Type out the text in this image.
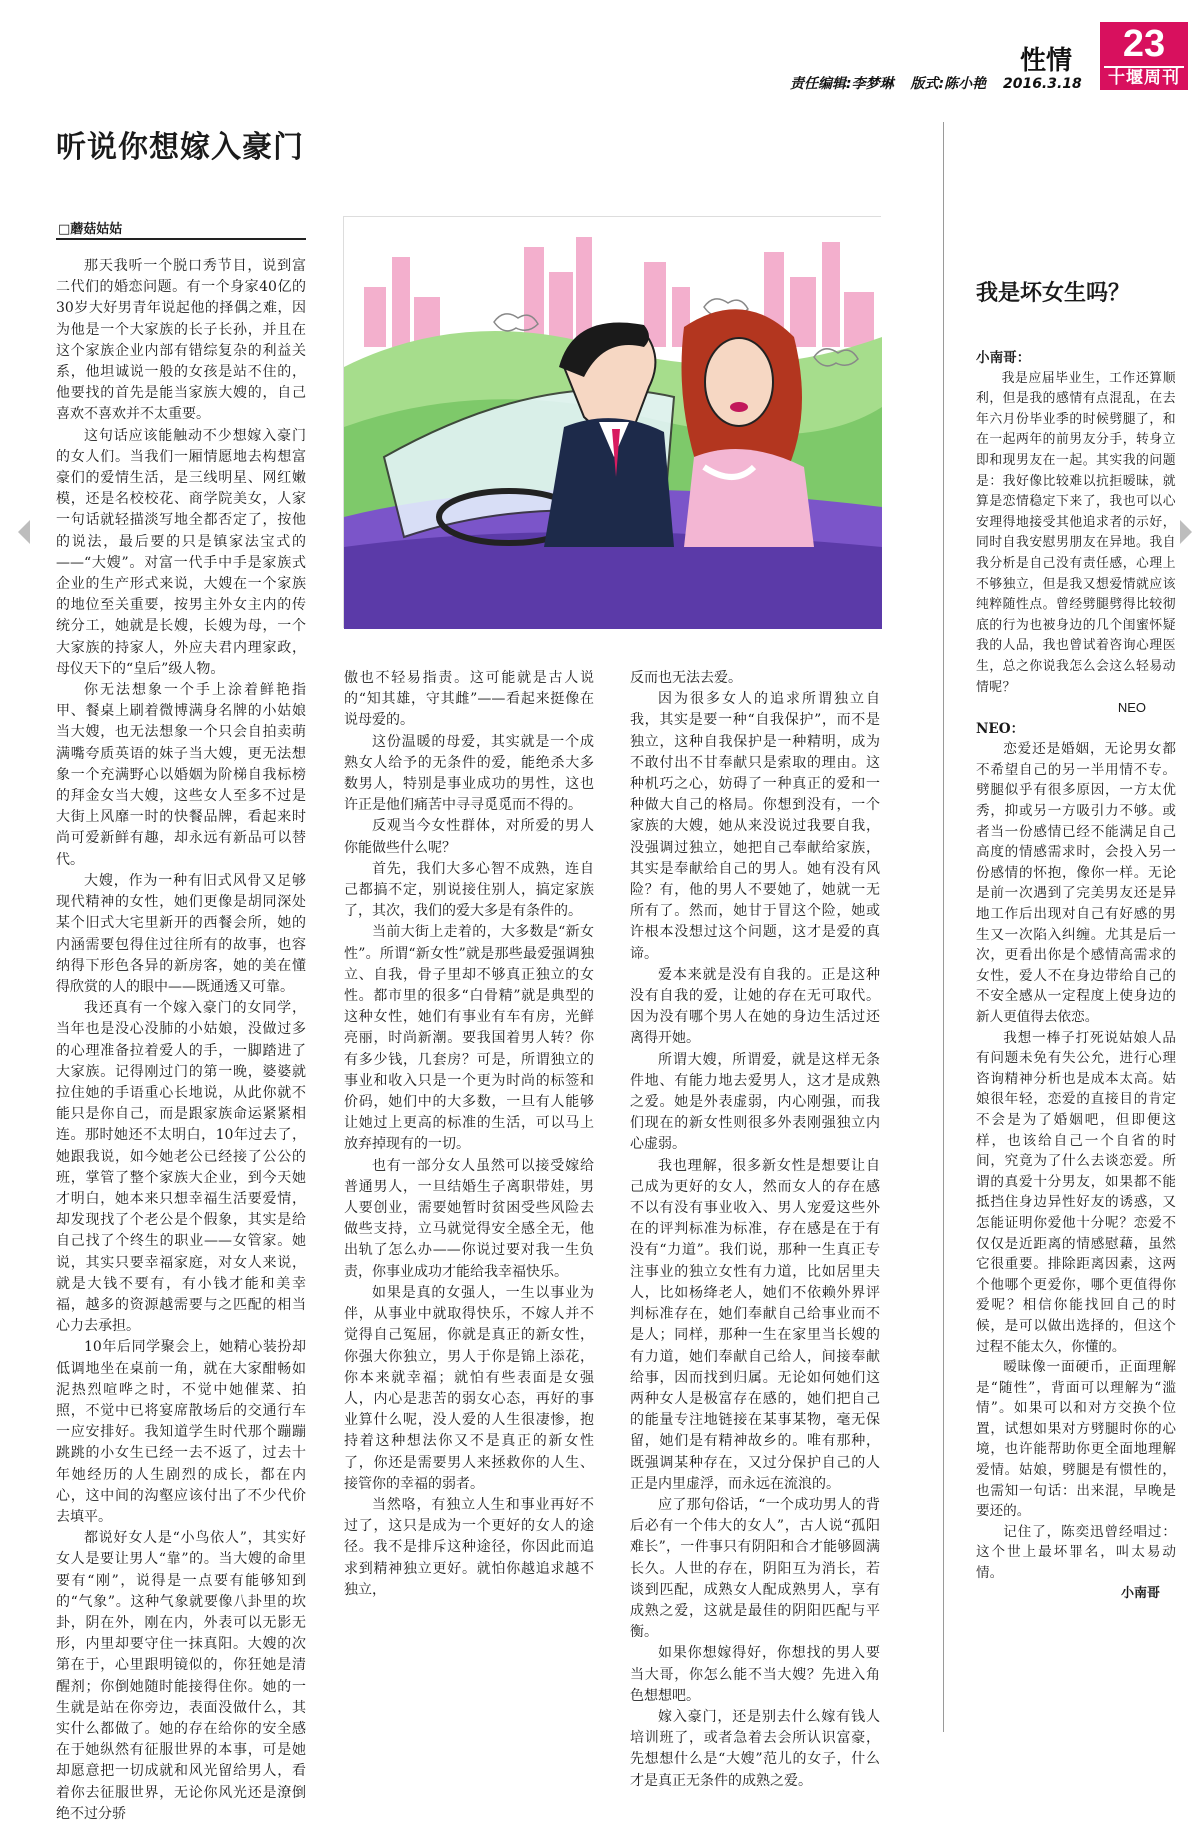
性情	23
十堰周刊
责任编辑:李梦琳 版式:陈小艳 2016.3.18
听说你想嫁入豪门
□蘑菇姑姑

那天我听一个脱口秀节目，说到富二代们的婚恋问题。有一个身家40亿的30岁大好男青年说起他的择偶之难，因为他是一个大家族的长子长孙，并且在这个家族企业内部有错综复杂的利益关系，他坦诚说一般的女孩是站不住的，他要找的首先是能当家族大嫂的，自己喜欢不喜欢并不太重要。

这句话应该能触动不少想嫁入豪门的女人们。当我们一厢情愿地去构想富豪们的爱情生活，是三线明星、网红嫩模，还是名校校花、商学院美女，人家一句话就轻描淡写地全都否定了，按他的说法，最后要的只是镇家法宝式的——“大嫂”。对富一代手中手是家族式企业的生产形式来说，大嫂在一个家族的地位至关重要，按男主外女主内的传统分工，她就是长嫂，长嫂为母，一个大家族的持家人，外应夫君内理家政，母仪天下的“皇后”级人物。

你无法想象一个手上涂着鲜艳指甲、餐桌上刷着微博满身名牌的小姑娘当大嫂，也无法想象一个只会自拍卖萌满嘴夸质英语的妹子当大嫂，更无法想象一个充满野心以婚姻为阶梯自我标榜的拜金女当大嫂，这些女人至多不过是大街上风靡一时的快餐品牌，看起来时尚可爱新鲜有趣，却永远有新品可以替代。

大嫂，作为一种有旧式风骨又足够现代精神的女性，她们更像是胡同深处某个旧式大宅里新开的西餐会所，她的内涵需要包得住过往所有的故事，也容纳得下形色各异的新房客，她的美在懂得欣赏的人的眼中——既通透又可靠。

我还真有一个嫁入豪门的女同学，当年也是没心没肺的小姑娘，没做过多的心理准备拉着爱人的手，一脚踏进了大家族。记得刚过门的第一晚，婆婆就拉住她的手语重心长地说，从此你就不能只是你自己，而是跟家族命运紧紧相连。那时她还不太明白，10年过去了，她跟我说，如今她老公已经接了公公的班，掌管了整个家族大企业，到今天她才明白，她本来只想幸福生活要爱情，却发现找了个老公是个假象，其实是给自己找了个终生的职业——女管家。她说，其实只要幸福家庭，对女人来说，就是大钱不要有，有小钱才能和美幸福，越多的资源越需要与之匹配的相当心力去承担。

10年后同学聚会上，她精心装扮却低调地坐在桌前一角，就在大家酣畅如泥热烈喧哗之时，不觉中她催菜、拍照，不觉中已将宴席散场后的交通行车一应安排好。我知道学生时代那个蹦蹦跳跳的小女生已经一去不返了，过去十年她经历的人生剧烈的成长，都在内心，这中间的沟壑应该付出了不少代价去填平。

都说好女人是“小鸟依人”，其实好女人是要让男人“靠”的。当大嫂的命里要有“刚”，说得是一点要有能够知到的“气象”。这种气象就要像八卦里的坎卦，阴在外，刚在内，外表可以无影无形，内里却要守住一抹真阳。大嫂的次第在于，心里跟明镜似的，你狂她是清醒剂；你倒她随时能接得住你。她的一生就是站在你旁边，表面没做什么，其实什么都做了。她的存在给你的安全感在于她纵然有征服世界的本事，可是她却愿意把一切成就和风光留给男人，看着你去征服世界，无论你风光还是潦倒绝不过分骄

傲也不轻易指责。这可能就是古人说的“知其雄，守其雌”——看起来挺像在说母爱的。

这份温暖的母爱，其实就是一个成熟女人给予的无条件的爱，能绝杀大多数男人，特别是事业成功的男性，这也许正是他们痛苦中寻寻觅觅而不得的。

反观当今女性群体，对所爱的男人你能做些什么呢？

首先，我们大多心智不成熟，连自己都搞不定，别说接住别人，搞定家族了，其次，我们的爱大多是有条件的。

当前大街上走着的，大多数是“新女性”。所谓“新女性”就是那些最爱强调独立、自我，骨子里却不够真正独立的女性。都市里的很多“白骨精”就是典型的这种女性，她们有事业有车有房，光鲜亮丽，时尚新潮。要我国着男人转？你有多少钱，几套房？可是，所谓独立的事业和收入只是一个更为时尚的标签和价码，她们中的大多数，一旦有人能够让她过上更高的标准的生活，可以马上放弃掉现有的一切。

也有一部分女人虽然可以接受嫁给普通男人，一旦结婚生子离职带娃，男人要创业，需要她暂时贫困受些风险去做些支持，立马就觉得安全感全无，他出轨了怎么办——你说过要对我一生负责，你事业成功才能给我幸福快乐。

如果是真的女强人，一生以事业为伴，从事业中就取得快乐，不嫁人并不觉得自己冤屈，你就是真正的新女性，你强大你独立，男人于你是锦上添花，你本来就幸福；就怕有些表面是女强人，内心是悲苦的弱女心态，再好的事业算什么呢，没人爱的人生很凄惨，抱持着这种想法你又不是真正的新女性了，你还是需要男人来拯救你的人生、接管你的幸福的弱者。

当然咯，有独立人生和事业再好不过了，这只是成为一个更好的女人的途径。我不是排斥这种途径，你因此而追求到精神独立更好。就怕你越追求越不独立，

反而也无法去爱。

因为很多女人的追求所谓独立自我，其实是要一种“自我保护”，而不是独立，这种自我保护是一种精明，成为不敢付出不甘奉献只是索取的理由。这种机巧之心，妨碍了一种真正的爱和一种做大自己的格局。你想到没有，一个家族的大嫂，她从来没说过我要自我，没强调过独立，她把自己奉献给家族，其实是奉献给自己的男人。她有没有风险？有，他的男人不要她了，她就一无所有了。然而，她甘于冒这个险，她或许根本没想过这个问题，这才是爱的真谛。

爱本来就是没有自我的。正是这种没有自我的爱，让她的存在无可取代。因为没有哪个男人在她的身边生活过还离得开她。

所谓大嫂，所谓爱，就是这样无条件地、有能力地去爱男人，这才是成熟之爱。她是外表虚弱，内心刚强，而我们现在的新女性则很多外表刚强独立内心虚弱。

我也理解，很多新女性是想要让自己成为更好的女人，然而女人的存在感不以有没有事业收入、男人宠爱这些外在的评判标准为标准，存在感是在于有没有“力道”。我们说，那种一生真正专注事业的独立女性有力道，比如居里夫人，比如杨绛老人，她们不依赖外界评判标准存在，她们奉献自己给事业而不是人；同样，那种一生在家里当长嫂的有力道，她们奉献自己给人，间接奉献给事，因而找到归属。无论如何她们这两种女人是极富存在感的，她们把自己的能量专注地链接在某事某物，毫无保留，她们是有精神故乡的。唯有那种，既强调某种存在，又过分保护自己的人正是内里虚浮，而永远在流浪的。

应了那句俗话，“一个成功男人的背后必有一个伟大的女人”，古人说“孤阳难长”，一件事只有阴阳和合才能够圆满长久。人世的存在，阴阳互为消长，若谈到匹配，成熟女人配成熟男人，享有成熟之爱，这就是最佳的阴阳匹配与平衡。

如果你想嫁得好，你想找的男人要当大哥，你怎么能不当大嫂？先进入角色想想吧。

嫁入豪门，还是别去什么嫁有钱人培训班了，或者急着去会所认识富豪，先想想什么是“大嫂”范儿的女子，什么才是真正无条件的成熟之爱。

我是坏女生吗？

小南哥：

我是应届毕业生，工作还算顺利，但是我的感情有点混乱，在去年六月份毕业季的时候劈腿了，和在一起两年的前男友分手，转身立即和现男友在一起。其实我的问题是：我好像比较难以抗拒暧昧，就算是恋情稳定下来了，我也可以心安理得地接受其他追求者的示好，同时自我安慰男朋友在异地。我自我分析是自己没有责任感，心理上不够独立，但是我又想爱情就应该纯粹随性点。曾经劈腿劈得比较彻底的行为也被身边的几个闺蜜怀疑我的人品，我也曾试着咨询心理医生，总之你说我怎么会这么轻易动情呢？

NEO

NEO：

恋爱还是婚姻，无论男女都不希望自己的另一半用情不专。劈腿似乎有很多原因，一方太优秀，抑或另一方吸引力不够。或者当一份感情已经不能满足自己高度的情感需求时，会投入另一份感情的怀抱，像你一样。无论是前一次遇到了完美男友还是异地工作后出现对自己有好感的男生又一次陷入纠缠。尤其是后一次，更看出你是个感情高需求的女性，爱人不在身边带给自己的不安全感从一定程度上使身边的新人更值得去依恋。

我想一棒子打死说姑娘人品有问题未免有失公允，进行心理咨询精神分析也是成本太高。姑娘很年轻，恋爱的直接目的肯定不会是为了婚姻吧，但即便这样，也该给自己一个自省的时间，究竟为了什么去谈恋爱。所谓的真爱十分男友，如果都不能抵挡住身边异性好友的诱惑，又怎能证明你爱他十分呢？恋爱不仅仅是近距离的情感慰藉，虽然它很重要。排除距离因素，这两个他哪个更爱你，哪个更值得你爱呢？相信你能找回自己的时候，是可以做出选择的，但这个过程不能太久，你懂的。

暧昧像一面硬币，正面理解是“随性”，背面可以理解为“滥情”。如果可以和对方交换个位置，试想如果对方劈腿时你的心境，也许能帮助你更全面地理解爱情。姑娘，劈腿是有惯性的，也需知一句话：出来混，早晚是要还的。

记住了，陈奕迅曾经唱过：这个世上最坏罪名，叫太易动情。

小南哥
